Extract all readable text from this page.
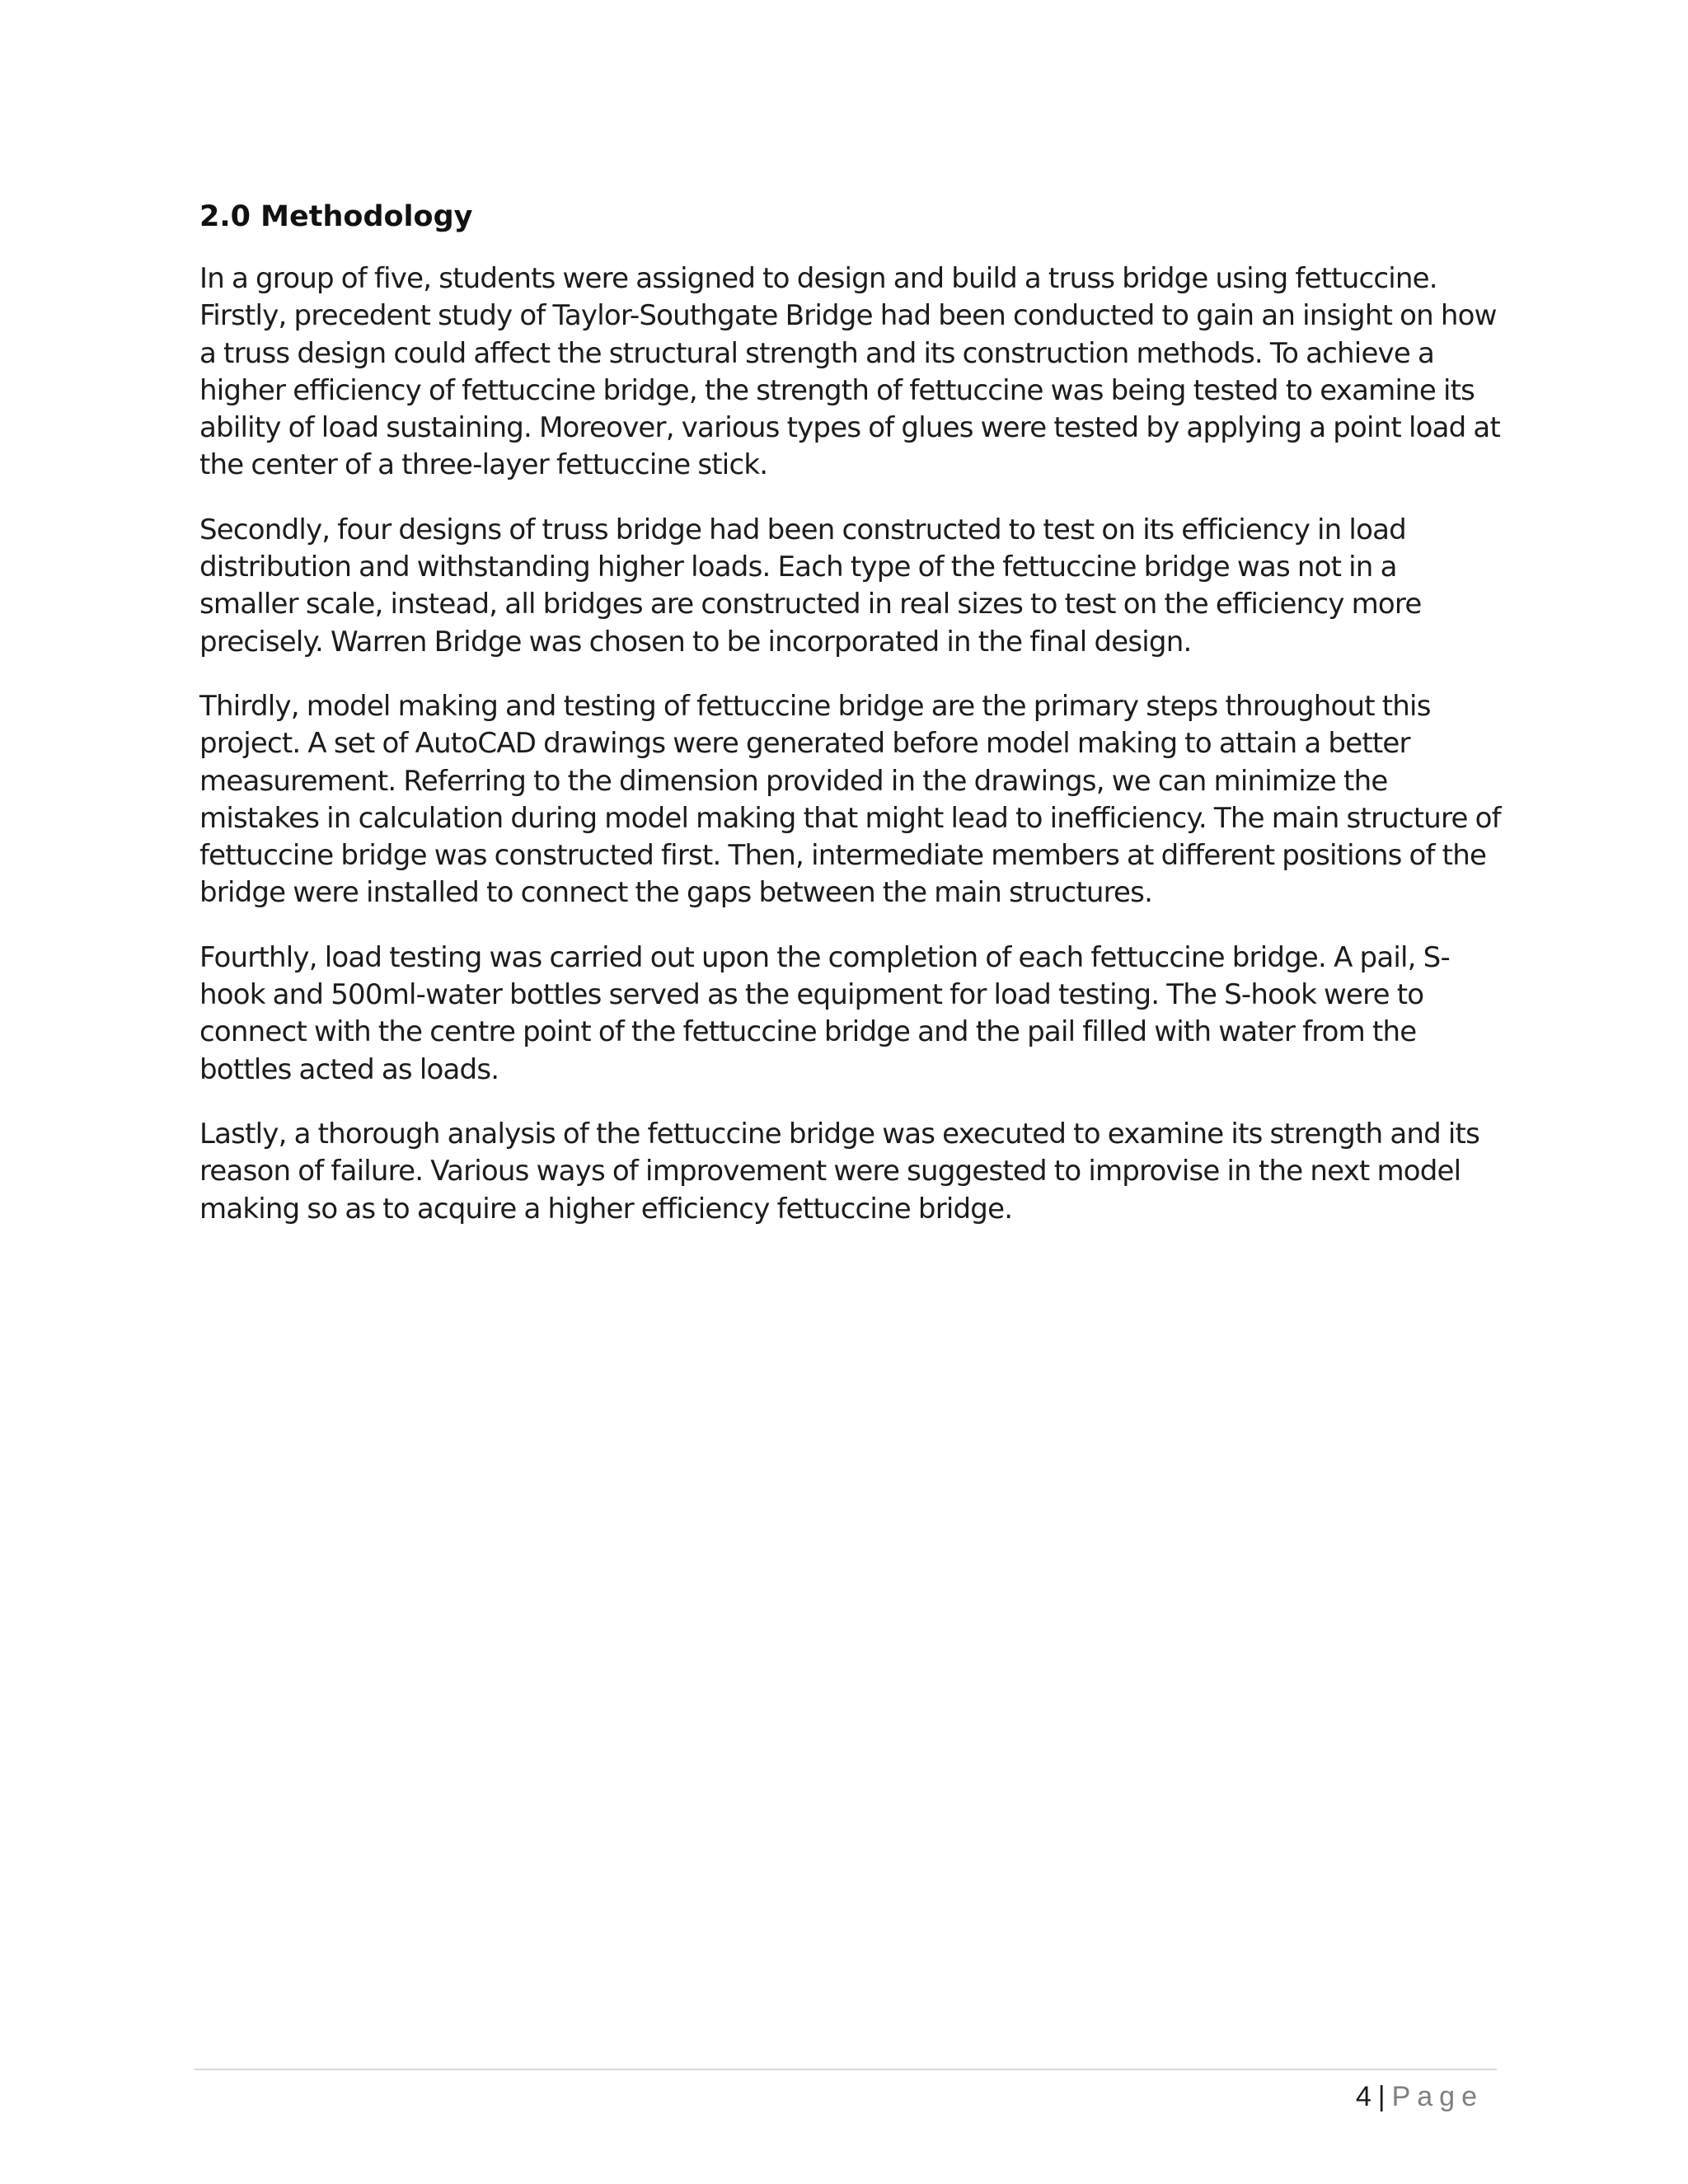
2.0 Methodology

In a group of five, students were assigned to design and build a truss bridge using fettuccine. Firstly, precedent study of Taylor-Southgate Bridge had been conducted to gain an insight on how a truss design could affect the structural strength and its construction methods. To achieve a higher efficiency of fettuccine bridge, the strength of fettuccine was being tested to examine its ability of load sustaining. Moreover, various types of glues were tested by applying a point load at the center of a three-layer fettuccine stick.

Secondly, four designs of truss bridge had been constructed to test on its efficiency in load distribution and withstanding higher loads. Each type of the fettuccine bridge was not in a smaller scale, instead, all bridges are constructed in real sizes to test on the efficiency more precisely. Warren Bridge was chosen to be incorporated in the final design.

Thirdly, model making and testing of fettuccine bridge are the primary steps throughout this project. A set of AutoCAD drawings were generated before model making to attain a better measurement. Referring to the dimension provided in the drawings, we can minimize the mistakes in calculation during model making that might lead to inefficiency. The main structure of fettuccine bridge was constructed first. Then, intermediate members at different positions of the bridge were installed to connect the gaps between the main structures.

Fourthly, load testing was carried out upon the completion of each fettuccine bridge. A pail, S-hook and 500ml-water bottles served as the equipment for load testing. The S-hook were to connect with the centre point of the fettuccine bridge and the pail filled with water from the bottles acted as loads.

Lastly, a thorough analysis of the fettuccine bridge was executed to examine its strength and its reason of failure. Various ways of improvement were suggested to improvise in the next model making so as to acquire a higher efficiency fettuccine bridge.

4 | Page
